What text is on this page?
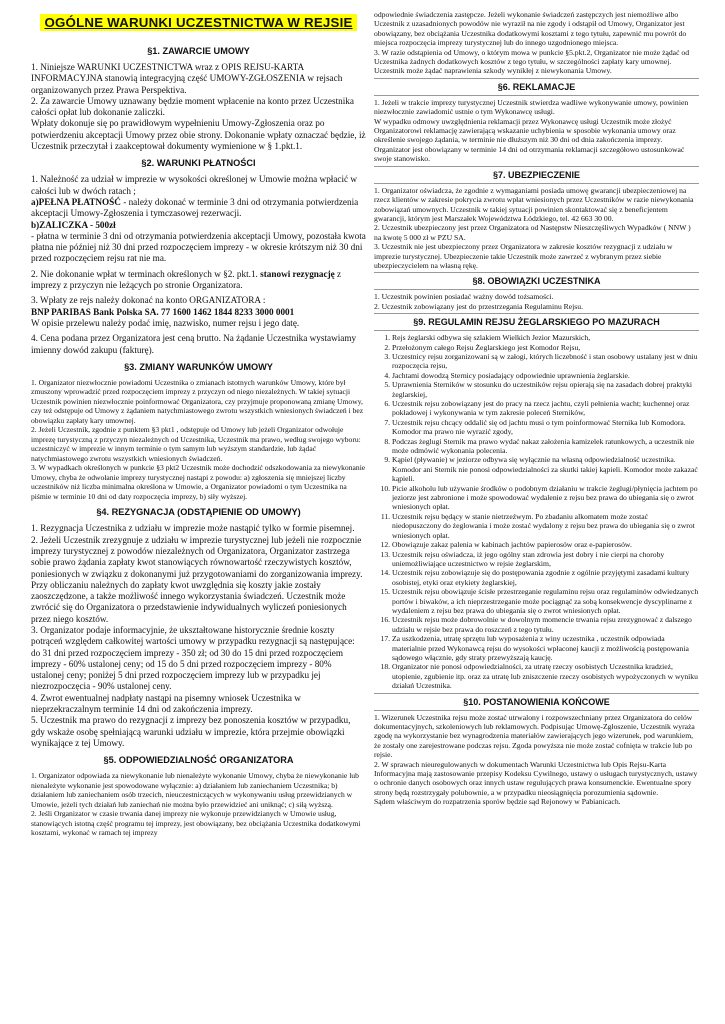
OGÓLNE WARUNKI UCZESTNICTWA W REJSIE
§1. ZAWARCIE UMOWY

1. Niniejsze WARUNKI UCZESTNICTWA wraz z OPIS REJSU-KARTA INFORMACYJNA stanowią integracyjną część UMOWY-ZGŁOSZENIA w rejsach organizowanych przez Prawa Perspektiva.

2. Za zawarcie Umowy uznawany będzie moment wpłacenie na konto przez Uczestnika całości opłat lub dokonanie zaliczki.

Wpłaty dokonuje się po prawidłowym wypełnieniu Umowy-Zgłoszenia oraz po potwierdzeniu akceptacji Umowy przez obie strony. Dokonanie wpłaty oznaczać będzie, iż Uczestnik przeczytał i zaakceptował dokumenty wymienione w § 1.pkt.1.

§2. WARUNKI PŁATNOŚCI

1. Należność za udział w imprezie w wysokości określonej w Umowie można wpłacić w całości lub w dwóch ratach ;

a)PEŁNA PŁATNOŚĆ - należy dokonać w terminie 3 dni od otrzymania potwierdzenia akceptacji Umowy-Zgłoszenia i tymczasowej rezerwacji.

b)ZALICZKA - 500zł

- płatna w terminie 3 dni od otrzymania potwierdzenia akceptacji Umowy, pozostała kwota płatna nie później niż 30 dni przed rozpoczęciem imprezy - w okresie krótszym niż 30 dni przed rozpoczęciem rejsu rat nie ma.

2. Nie dokonanie wpłat w terminach określonych w §2. pkt.1. stanowi rezygnację z imprezy z przyczyn nie leżących po stronie Organizatora.

3. Wpłaty ze rejs należy dokonać na konto ORGANIZATORA :

BNP PARIBAS Bank Polska SA. 77 1600 1462 1844 8233 3000 0001

W opisie przelewu należy podać imię, nazwisko, numer rejsu i jego datę.

4. Cena podana przez Organizatora jest ceną brutto. Na żądanie Uczestnika wystawiamy imienny dowód zakupu (fakturę).

§3. ZMIANY WARUNKÓW UMOWY

1. Organizator niezwłocznie powiadomi Uczestnika o zmianach istotnych warunków Umowy, które był zmuszony wprowadzić przed rozpoczęciem imprezy z przyczyn od niego niezależnych. W takiej sytuacji Uczestnik powinien niezwłocznie poinformować Organizatora, czy przyjmuje proponowaną zmianę Umowy, czy też odstępuje od Umowy z żądaniem natychmiastowego zwrotu wszystkich wniesionych świadczeń i bez obowiązku zapłaty kary umownej.

2. Jeżeli Uczestnik, zgodnie z punktem §3 pkt1 , odstępuje od Umowy lub jeżeli Organizator odwołuje imprezę turystyczną z przyczyn niezależnych od Uczestnika, Uczestnik ma prawo, według swojego wyboru: uczestniczyć w imprezie w innym terminie o tym samym lub wyższym standardzie, lub żądać natychmiastowego zwrotu wszystkich wniesionych świadczeń.

3. W wypadkach określonych w punkcie §3 pkt2 Uczestnik może dochodzić odszkodowania za niewykonanie Umowy, chyba że odwołanie imprezy turystycznej nastąpi z powodu: a) zgłoszenia się mniejszej liczby uczestników niż liczba minimalna określona w Umowie, a Organizator powiadomi o tym Uczestnika na piśmie w terminie 10 dni od daty rozpoczęcia imprezy, b) siły wyższej.

§4. REZYGNACJA (ODSTĄPIENIE OD UMOWY)

1. Rezygnacja Uczestnika z udziału w imprezie może nastąpić tylko w formie pisemnej.

2. Jeżeli Uczestnik zrezygnuje z udziału w imprezie turystycznej lub jeżeli nie rozpocznie imprezy turystycznej z powodów niezależnych od Organizatora, Organizator zastrzega sobie prawo żądania zapłaty kwot stanowiących równowartość rzeczywistych kosztów, poniesionych w związku z dokonanymi już przygotowaniami do zorganizowania imprezy. Przy obliczaniu należnych do zapłaty kwot uwzględnia się koszty jakie zostały zaoszczędzone, a także możliwość innego wykorzystania świadczeń. Uczestnik może zwrócić się do Organizatora o przedstawienie indywidualnych wyliczeń poniesionych przez niego kosztów.

3. Organizator podaje informacyjnie, że ukształtowane historycznie średnie koszty potrąceń względem całkowitej wartości umowy w przypadku rezygnacji są następujące: do 31 dni przed rozpoczęciem imprezy - 350 zł; od 30 do 15 dni przed rozpoczęciem imprezy - 60% ustalonej ceny; od 15 do 5 dni przed rozpoczęciem imprezy - 80% ustalonej ceny; poniżej 5 dni przed rozpoczęciem imprezy lub w przypadku jej niezrozpoczęcia - 90% ustalonej ceny.

4. Zwrot ewentualnej nadpłaty nastąpi na pisemny wniosek Uczestnika w nieprzekraczalnym terminie 14 dni od zakończenia imprezy.

5. Uczestnik ma prawo do rezygnacji z imprezy bez ponoszenia kosztów w przypadku, gdy wskaże osobę spełniającą warunki udziału w imprezie, która przejmie obowiązki wynikające z tej Umowy.

§5. ODPOWIEDZIALNOŚĆ ORGANIZATORA

1. Organizator odpowiada za niewykonanie lub nienależyte wykonanie Umowy, chyba że niewykonanie lub nienależyte wykonanie jest spowodowane wyłącznie: a) działaniem lub zaniechaniem Uczestnika; b) działaniem lub zaniechaniem osób trzecich, nieuczestniczących w wykonywaniu usług przewidzianych w Umowie, jeżeli tych działań lub zaniechań nie można było przewidzieć ani uniknąć; c) siłą wyższą.

2. Jeśli Organizator w czasie trwania danej imprezy nie wykonuje przewidzianych w Umowie usług, stanowiących istotną część programu tej imprezy, jest obowiązany, bez obciążania Uczestnika dodatkowymi kosztami, wykonać w ramach tej imprezy

odpowiednie świadczenia zastępcze. Jeżeli wykonanie świadczeń zastępczych jest niemożliwe albo Uczestnik z uzasadnionych powodów nie wyraził na nie zgody i odstąpił od Umowy, Organizator jest obowiązany, bez obciążania Uczestnika dodatkowymi kosztami z tego tytułu, zapewnić mu powrót do miejsca rozpoczęcia imprezy turystycznej lub do innego uzgodnionego miejsca.

3. W razie odstąpienia od Umowy, o którym mowa w punkcie §5.pkt.2, Organizator nie może żądać od Uczestnika żadnych dodatkowych kosztów z tego tytułu, w szczególności zapłaty kary umownej. Uczestnik może żądać naprawienia szkody wynikłej z niewykonania Umowy.

§6. REKLAMACJE

1. Jeżeli w trakcie imprezy turystycznej Uczestnik stwierdza wadliwe wykonywanie umowy, powinien niezwłocznie zawiadomić ustnie o tym Wykonawcę usługi.

W wypadku odmowy uwzględnienia reklamacji przez Wykonawcę usługi Uczestnik może złożyć Organizatorowi reklamację zawierającą wskazanie uchybienia w sposobie wykonania umowy oraz określenie swojego żądania, w terminie nie dłuższym niż 30 dni od dnia zakończenia imprezy. Organizator jest obowiązany w terminie 14 dni od otrzymania reklamacji szczegółowo ustosunkować swoje stanowisko.

§7. UBEZPIECZENIE

1. Organizator oświadcza, że zgodnie z wymaganiami posiada umowę gwarancji ubezpieczeniowej na rzecz klientów w zakresie pokrycia zwrotu wpłat wniesionych przez Uczestników w razie niewykonania zobowiązań umownych. Uczestnik w takiej sytuacji powinien skontaktować się z beneficjentem gwarancji, którym jest Marszałek Województwa Łódzkiego, tel. 42 663 30 00.

2. Uczestnik ubezpieczony jest przez Organizatora od Następstw Nieszczęśliwych Wypadków ( NNW ) na kwotę 5 000 zł w PZU SA.

3. Uczestnik nie jest ubezpieczony przez Organizatora w zakresie kosztów rezygnacji z udziału w imprezie turystycznej. Ubezpieczenie takie Uczestnik może zawrzeć z wybranym przez siebie ubezpieczycielem na własną rękę.

§8. OBOWIĄZKI UCZESTNIKA

1. Uczestnik powinien posiadać ważny dowód tożsamości.

2. Uczestnik zobowiązany jest do przestrzegania Regulaminu Rejsu.

§9. REGULAMIN REJSU ŻEGLARSKIEGO PO MAZURACH
1. Rejs żeglarski odbywa się szlakiem Wielkich Jezior Mazurskich,
2. Przełożonym całego Rejsu Żeglarskiego jest Komodor Rejsu,
3. Uczestnicy rejsu zorganizowani są w załogi, których liczebność i stan osobowy ustalany jest w dniu rozpoczęcia rejsu,
4. Jachtami dowodzą Sternicy posiadający odpowiednie uprawnienia żeglarskie.
5. Uprawnienia Sterników w stosunku do uczestników rejsu opierają się na zasadach dobrej praktyki żeglarskiej,
6. Uczestnik rejsu zobowiązany jest do pracy na rzecz jachtu, czyli pełnienia wacht; kuchennej oraz pokładowej i wykonywania w tym zakresie poleceń Sterników,
7. Uczestnik rejsu chcący oddalić się od jachtu musi o tym poinformować Sternika lub Komodora. Komodor ma prawo nie wyrazić zgody,
8. Podczas żeglugi Sternik ma prawo wydać nakaz założenia kamizelek ratunkowych, a uczestnik nie może odmówić wykonania polecenia.
9. Kąpiel (pływanie) w jeziorze odbywa się wyłącznie na własną odpowiedzialność uczestnika. Komodor ani Sternik nie ponosi odpowiedzialności za skutki takiej kąpieli. Komodor może zakazać kąpieli.
10. Picie alkoholu lub używanie środków o podobnym działaniu w trakcie żeglugi/płynięcia jachtem po jeziorze jest zabronione i może spowodować wydalenie z rejsu bez prawa do ubiegania się o zwrot wniesionych opłat.
11. Uczestnik rejsu będący w stanie nietrzeźwym. Po zbadaniu alkomatem może zostać niedopuszczony do żeglowania i może zostać wydalony z rejsu bez prawa do ubiegania się o zwrot wniesionych opłat.
12. Obowiązuje zakaz palenia w kabinach jachtów papierosów oraz e-papierosów.
13. Uczestnik rejsu oświadcza, iż jego ogólny stan zdrowia jest dobry i nie cierpi na choroby uniemożliwiające uczestnictwo w rejsie żeglarskim,
14. Uczestnik rejsu zobowiązuje się do postępowania zgodnie z ogólnie przyjętymi zasadami kultury osobistej, etyki oraz etykiety żeglarskiej,
15. Uczestnik rejsu obowiązuje ścisłe przestrzeganie regulaminu rejsu oraz regulaminów odwiedzanych portów i biwaków, a ich nieprzestrzeganie może pociągnąć za sobą konsekwencje dyscyplinarne z wydaleniem z rejsu bez prawa do ubiegania się o zwrot wniesionych opłat.
16. Uczestnik rejsu może dobrowolnie w dowolnym momencie trwania rejsu zrezygnować z dalszego udziału w rejsie bez prawa do roszczeń z tego tytułu.
17. Za uszkodzenia, utratę sprzętu lub wyposażenia z winy uczestnika , uczestnik odpowiada materialnie przed Wykonawcą rejsu do wysokości wpłaconej kaucji z możliwością postępowania sądowego włącznie, gdy straty przewyższają kaucję.
18. Organizator nie ponosi odpowiedzialności, za utratę rzeczy osobistych Uczestnika kradzież, utopienie, zgubienie itp. oraz za utratę lub zniszczenie rzeczy osobistych wypożyczonych w wyniku działań Uczestnika.
§10. POSTANOWIENIA KOŃCOWE

1. Wizerunek Uczestnika rejsu może zostać utrwalony i rozpowszechniany przez Organizatora do celów dokumentacyjnych, szkoleniowych lub reklamowych. Podpisując Umowę-Zgłoszenie, Uczestnik wyraża zgodę na wykorzystanie bez wynagrodzenia materiałów zawierających jego wizerunek, pod warunkiem, że zostały one zarejestrowane podczas rejsu. Zgoda powyższa nie może zostać cofnięta w trakcie lub po rejsie.

2. W sprawach nieuregulowanych w dokumentach Warunki Uczestnictwa lub Opis Rejsu-Karta Informacyjna mają zastosowanie przepisy Kodeksu Cywilnego, ustawy o usługach turystycznych, ustawy o ochronie danych osobowych oraz innych ustaw regulujących prawa konsumenckie. Ewentualne spory strony będą rozstrzygały polubownie, a w przypadku nieosiągnięcia porozumienia sądownie.

Sądem właściwym do rozpatrzenia sporów będzie sąd Rejonowy w Pabianicach.
